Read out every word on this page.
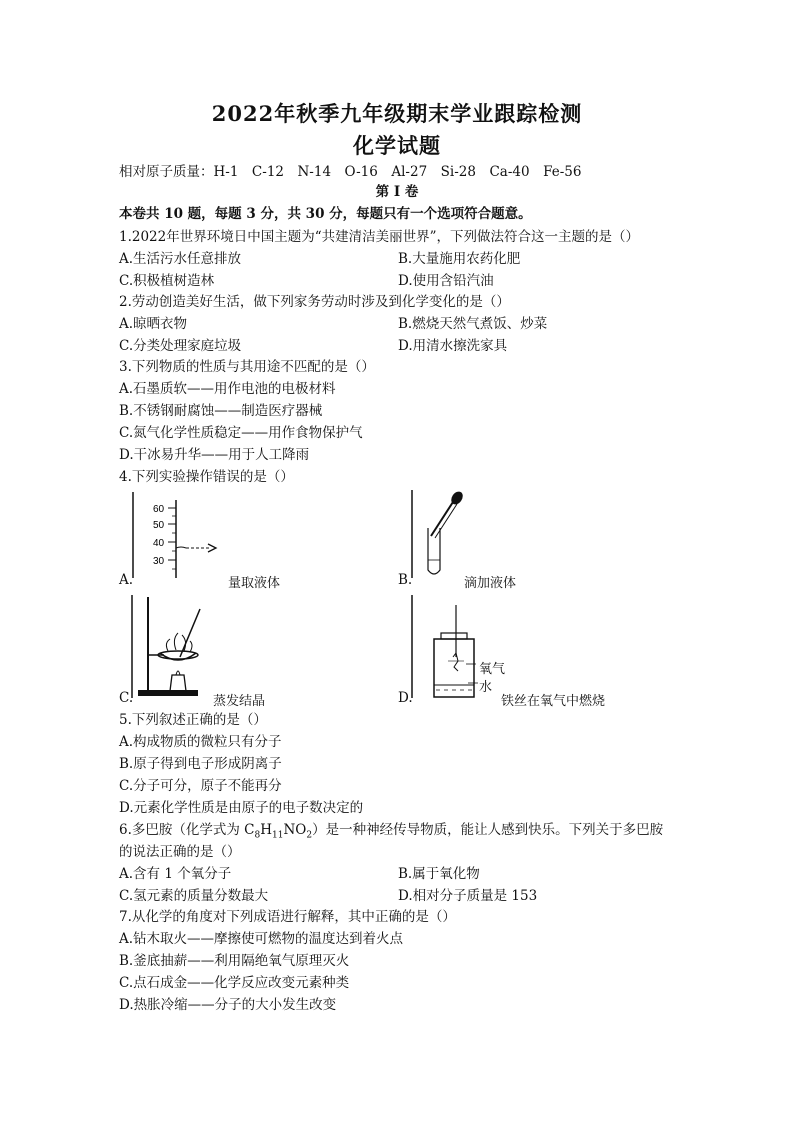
2022年秋季九年级期末学业跟踪检测
化学试题
相对原子质量：H-1　C-12　N-14　O-16　Al-27　Si-28　Ca-40　Fe-56
第 I 卷
本卷共 10 题，每题 3 分，共 30 分，每题只有一个选项符合题意。
1.2022年世界环境日中国主题为“共建清洁美丽世界”，下列做法符合这一主题的是（）
A.生活污水任意排放	B.大量施用农药化肥
C.积极植树造林	D.使用含铅汽油
2.劳动创造美好生活，做下列家务劳动时涉及到化学变化的是（）
A.晾晒衣物	B.燃烧天然气煮饭、炒菜
C.分类处理家庭垃圾	D.用清水擦洗家具
3.下列物质的性质与其用途不匹配的是（）
A.石墨质软——用作电池的电极材料
B.不锈钢耐腐蚀——制造医疗器械
C.氮气化学性质稳定——用作食物保护气
D.干冰易升华——用于人工降雨
4.下列实验操作错误的是（）
60
50
40
30
A.	量取液体	B.	滴加液体
C.	蒸发结晶
氧气
水
D.	铁丝在氧气中燃烧
5.下列叙述正确的是（）
A.构成物质的微粒只有分子
B.原子得到电子形成阴离子
C.分子可分，原子不能再分
D.元素化学性质是由原子的电子数决定的
6.多巴胺（化学式为 $C_8H_{11}NO_2$）是一种神经传导物质，能让人感到快乐。下列关于多巴胺
的说法正确的是（）
A.含有 1 个氧分子	B.属于氧化物
C.氢元素的质量分数最大	D.相对分子质量是 153
7.从化学的角度对下列成语进行解释，其中正确的是（）
A.钻木取火——摩擦使可燃物的温度达到着火点
B.釜底抽薪——利用隔绝氧气原理灭火
C.点石成金——化学反应改变元素种类
D.热胀冷缩——分子的大小发生改变
